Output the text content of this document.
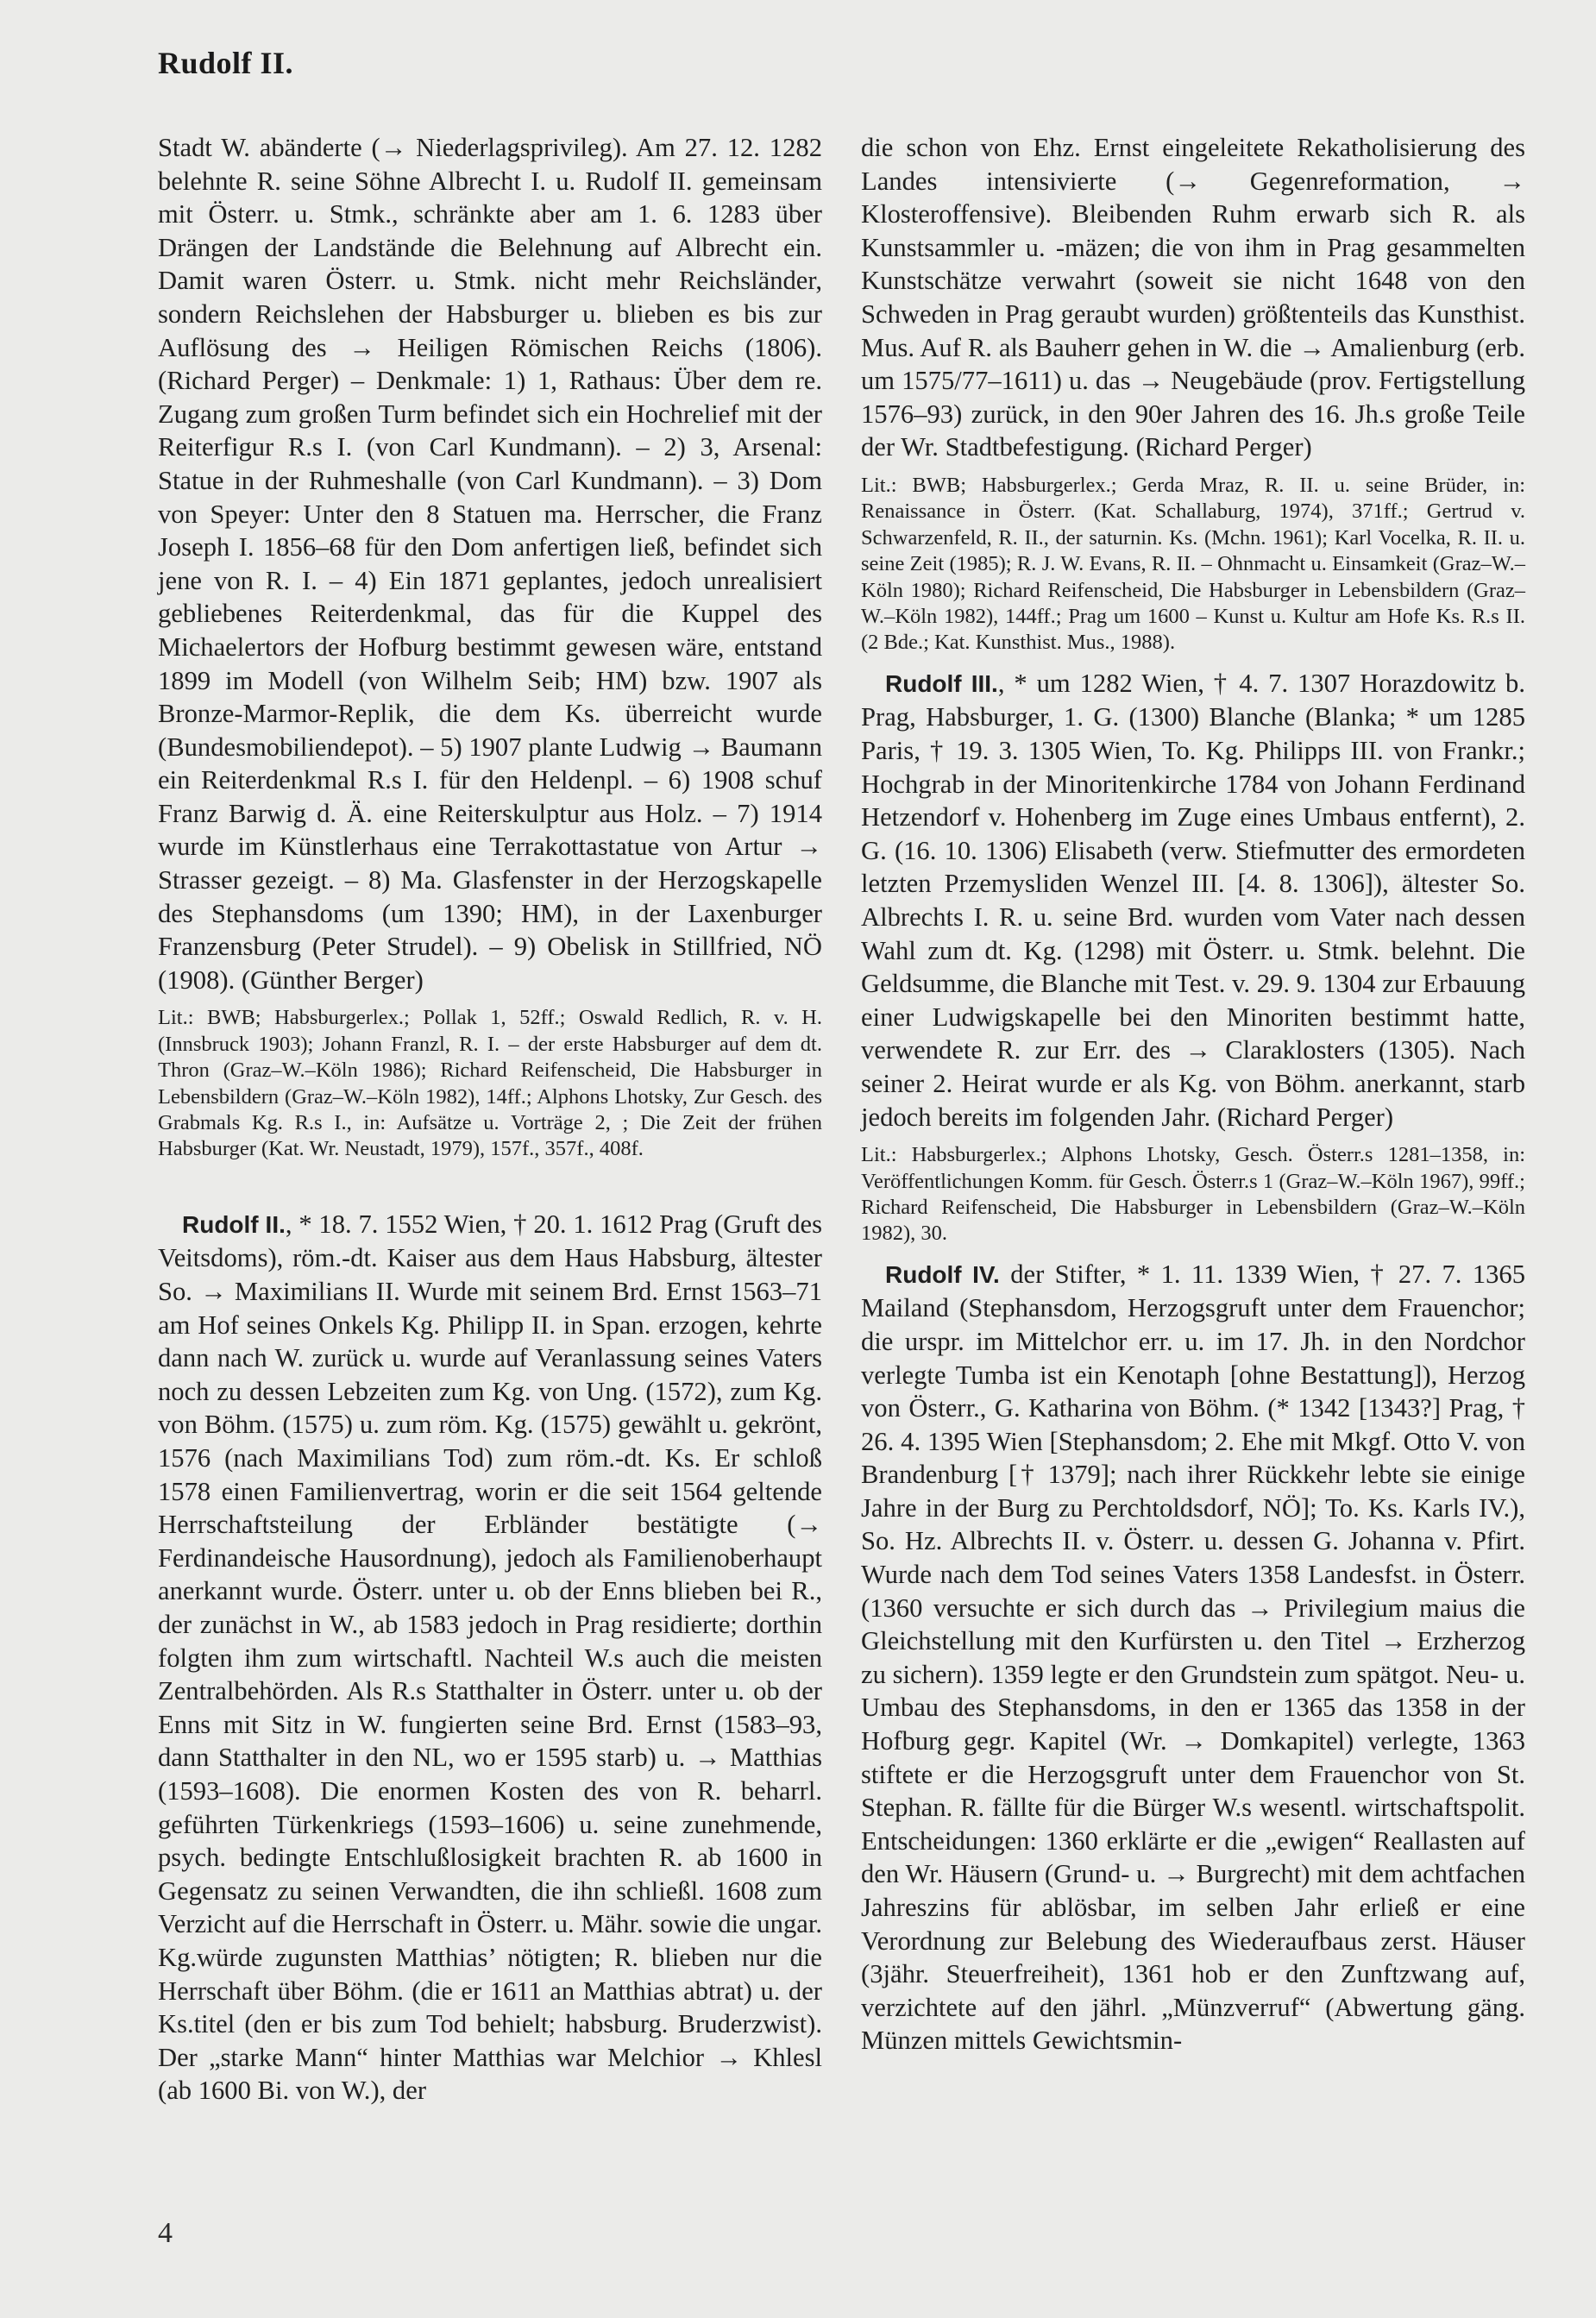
Rudolf II.

Stadt W. abänderte (→ Niederlagsprivileg). Am 27. 12. 1282 belehnte R. seine Söhne Albrecht I. u. Rudolf II. gemeinsam mit Österr. u. Stmk., schränkte aber am 1. 6. 1283 über Drängen der Landstände die Belehnung auf Albrecht ein. Damit waren Österr. u. Stmk. nicht mehr Reichsländer, sondern Reichslehen der Habsburger u. blieben es bis zur Auflösung des → Heiligen Römischen Reichs (1806). (Richard Perger) – Denkmale: 1) 1, Rathaus: Über dem re. Zugang zum großen Turm befindet sich ein Hochrelief mit der Reiterfigur R.s I. (von Carl Kundmann). – 2) 3, Arsenal: Statue in der Ruhmeshalle (von Carl Kundmann). – 3) Dom von Speyer: Unter den 8 Statuen ma. Herrscher, die Franz Joseph I. 1856–68 für den Dom anfertigen ließ, befindet sich jene von R. I. – 4) Ein 1871 geplantes, jedoch unrealisiert gebliebenes Reiterdenkmal, das für die Kuppel des Michaelertors der Hofburg bestimmt gewesen wäre, entstand 1899 im Modell (von Wilhelm Seib; HM) bzw. 1907 als Bronze-Marmor-Replik, die dem Ks. überreicht wurde (Bundesmobiliendepot). – 5) 1907 plante Ludwig → Baumann ein Reiterdenkmal R.s I. für den Heldenpl. – 6) 1908 schuf Franz Barwig d. Ä. eine Reiterskulptur aus Holz. – 7) 1914 wurde im Künstlerhaus eine Terrakottastatue von Artur → Strasser gezeigt. – 8) Ma. Glasfenster in der Herzogskapelle des Stephansdoms (um 1390; HM), in der Laxenburger Franzensburg (Peter Strudel). – 9) Obelisk in Stillfried, NÖ (1908). (Günther Berger)

Lit.: BWB; Habsburgerlex.; Pollak 1, 52ff.; Oswald Redlich, R. v. H. (Innsbruck 1903); Johann Franzl, R. I. – der erste Habsburger auf dem dt. Thron (Graz–W.–Köln 1986); Richard Reifenscheid, Die Habsburger in Lebensbildern (Graz–W.–Köln 1982), 14ff.; Alphons Lhotsky, Zur Gesch. des Grabmals Kg. R.s I., in: Aufsätze u. Vorträge 2, ; Die Zeit der frühen Habsburger (Kat. Wr. Neustadt, 1979), 157f., 357f., 408f.

Rudolf II., * 18. 7. 1552 Wien, † 20. 1. 1612 Prag (Gruft des Veitsdoms), röm.-dt. Kaiser aus dem Haus Habsburg, ältester So. → Maximilians II. Wurde mit seinem Brd. Ernst 1563–71 am Hof seines Onkels Kg. Philipp II. in Span. erzogen, kehrte dann nach W. zurück u. wurde auf Veranlassung seines Vaters noch zu dessen Lebzeiten zum Kg. von Ung. (1572), zum Kg. von Böhm. (1575) u. zum röm. Kg. (1575) gewählt u. gekrönt, 1576 (nach Maximilians Tod) zum röm.-dt. Ks. Er schloß 1578 einen Familienvertrag, worin er die seit 1564 geltende Herrschaftsteilung der Erbländer bestätigte (→ Ferdinandeische Hausordnung), jedoch als Familienoberhaupt anerkannt wurde. Österr. unter u. ob der Enns blieben bei R., der zunächst in W., ab 1583 jedoch in Prag residierte; dorthin folgten ihm zum wirtschaftl. Nachteil W.s auch die meisten Zentralbehörden. Als R.s Statthalter in Österr. unter u. ob der Enns mit Sitz in W. fungierten seine Brd. Ernst (1583–93, dann Statthalter in den NL, wo er 1595 starb) u. → Matthias (1593–1608). Die enormen Kosten des von R. beharrl. geführten Türkenkriegs (1593–1606) u. seine zunehmende, psych. bedingte Entschlußlosigkeit brachten R. ab 1600 in Gegensatz zu seinen Verwandten, die ihn schließl. 1608 zum Verzicht auf die Herrschaft in Österr. u. Mähr. sowie die ungar. Kg.würde zugunsten Matthias’ nötigten; R. blieben nur die Herrschaft über Böhm. (die er 1611 an Matthias abtrat) u. der Ks.titel (den er bis zum Tod behielt; habsburg. Bruderzwist). Der „starke Mann“ hinter Matthias war Melchior → Khlesl (ab 1600 Bi. von W.), der

die schon von Ehz. Ernst eingeleitete Rekatholisierung des Landes intensivierte (→ Gegenreformation, → Klosteroffensive). Bleibenden Ruhm erwarb sich R. als Kunstsammler u. -mäzen; die von ihm in Prag gesammelten Kunstschätze verwahrt (soweit sie nicht 1648 von den Schweden in Prag geraubt wurden) größtenteils das Kunsthist. Mus. Auf R. als Bauherr gehen in W. die → Amalienburg (erb. um 1575/77–1611) u. das → Neugebäude (prov. Fertigstellung 1576–93) zurück, in den 90er Jahren des 16. Jh.s große Teile der Wr. Stadtbefestigung. (Richard Perger)

Lit.: BWB; Habsburgerlex.; Gerda Mraz, R. II. u. seine Brüder, in: Renaissance in Österr. (Kat. Schallaburg, 1974), 371ff.; Gertrud v. Schwarzenfeld, R. II., der saturnin. Ks. (Mchn. 1961); Karl Vocelka, R. II. u. seine Zeit (1985); R. J. W. Evans, R. II. – Ohnmacht u. Einsamkeit (Graz–W.–Köln 1980); Richard Reifenscheid, Die Habsburger in Lebensbildern (Graz–W.–Köln 1982), 144ff.; Prag um 1600 – Kunst u. Kultur am Hofe Ks. R.s II. (2 Bde.; Kat. Kunsthist. Mus., 1988).

Rudolf III., * um 1282 Wien, † 4. 7. 1307 Horazdowitz b. Prag, Habsburger, 1. G. (1300) Blanche (Blanka; * um 1285 Paris, † 19. 3. 1305 Wien, To. Kg. Philipps III. von Frankr.; Hochgrab in der Minoritenkirche 1784 von Johann Ferdinand Hetzendorf v. Hohenberg im Zuge eines Umbaus entfernt), 2. G. (16. 10. 1306) Elisabeth (verw. Stiefmutter des ermordeten letzten Przemysliden Wenzel III. [4. 8. 1306]), ältester So. Albrechts I. R. u. seine Brd. wurden vom Vater nach dessen Wahl zum dt. Kg. (1298) mit Österr. u. Stmk. belehnt. Die Geldsumme, die Blanche mit Test. v. 29. 9. 1304 zur Erbauung einer Ludwigskapelle bei den Minoriten bestimmt hatte, verwendete R. zur Err. des → Claraklosters (1305). Nach seiner 2. Heirat wurde er als Kg. von Böhm. anerkannt, starb jedoch bereits im folgenden Jahr. (Richard Perger)

Lit.: Habsburgerlex.; Alphons Lhotsky, Gesch. Österr.s 1281–1358, in: Veröffentlichungen Komm. für Gesch. Österr.s 1 (Graz–W.–Köln 1967), 99ff.; Richard Reifenscheid, Die Habsburger in Lebensbildern (Graz–W.–Köln 1982), 30.

Rudolf IV. der Stifter, * 1. 11. 1339 Wien, † 27. 7. 1365 Mailand (Stephansdom, Herzogsgruft unter dem Frauenchor; die urspr. im Mittelchor err. u. im 17. Jh. in den Nordchor verlegte Tumba ist ein Kenotaph [ohne Bestattung]), Herzog von Österr., G. Katharina von Böhm. (* 1342 [1343?] Prag, † 26. 4. 1395 Wien [Stephansdom; 2. Ehe mit Mkgf. Otto V. von Brandenburg [† 1379]; nach ihrer Rückkehr lebte sie einige Jahre in der Burg zu Perchtoldsdorf, NÖ]; To. Ks. Karls IV.), So. Hz. Albrechts II. v. Österr. u. dessen G. Johanna v. Pfirt. Wurde nach dem Tod seines Vaters 1358 Landesfst. in Österr. (1360 versuchte er sich durch das → Privilegium maius die Gleichstellung mit den Kurfürsten u. den Titel → Erzherzog zu sichern). 1359 legte er den Grundstein zum spätgot. Neu- u. Umbau des Stephansdoms, in den er 1365 das 1358 in der Hofburg gegr. Kapitel (Wr. → Domkapitel) verlegte, 1363 stiftete er die Herzogsgruft unter dem Frauenchor von St. Stephan. R. fällte für die Bürger W.s wesentl. wirtschaftspolit. Entscheidungen: 1360 erklärte er die „ewigen“ Reallasten auf den Wr. Häusern (Grund- u. → Burgrecht) mit dem achtfachen Jahreszins für ablösbar, im selben Jahr erließ er eine Verordnung zur Belebung des Wiederaufbaus zerst. Häuser (3jähr. Steuerfreiheit), 1361 hob er den Zunftzwang auf, verzichtete auf den jährl. „Münzverruf“ (Abwertung gäng. Münzen mittels Gewichtsmin-

4
